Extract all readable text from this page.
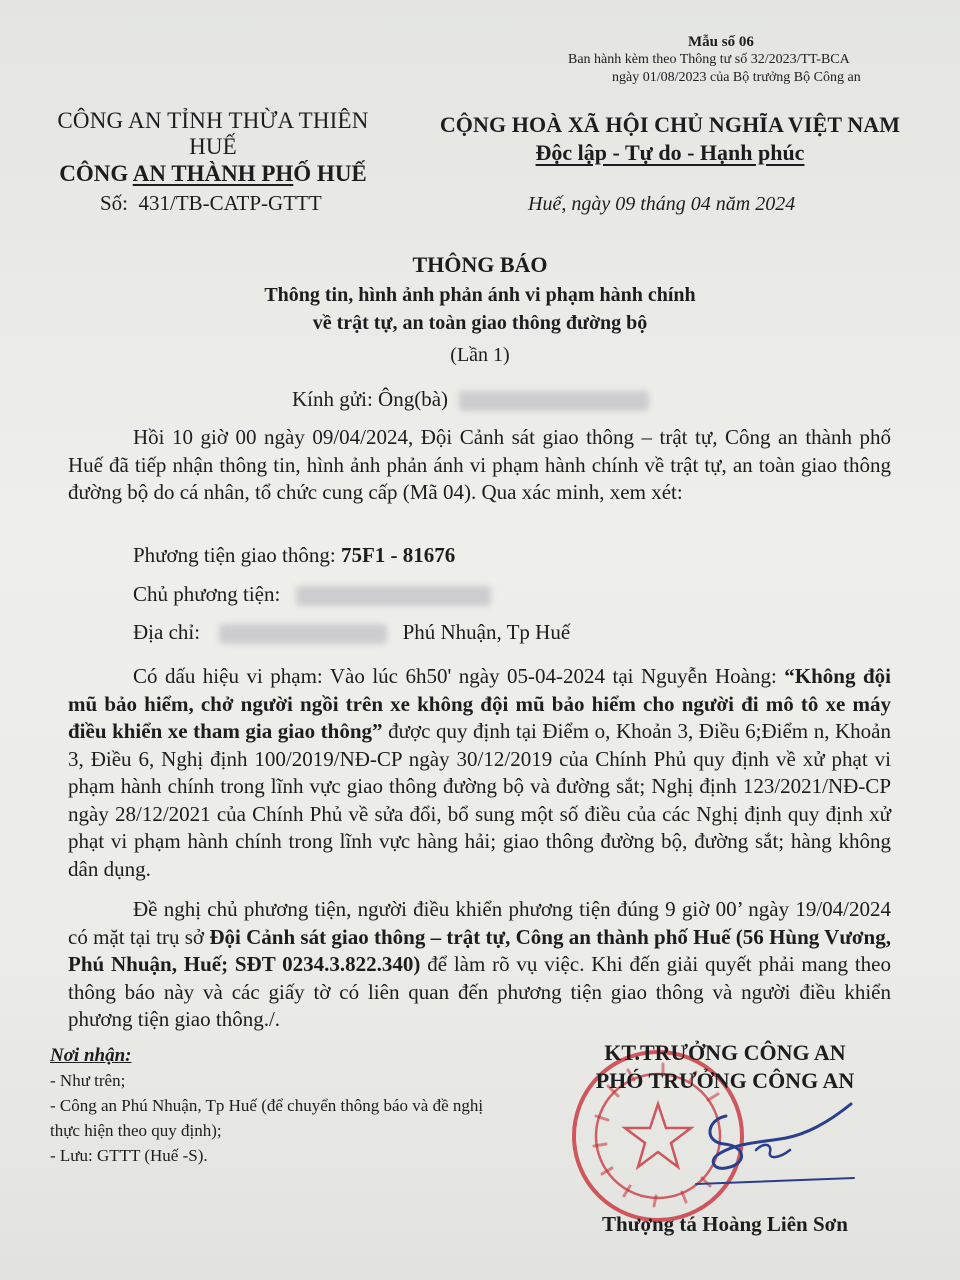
Mẫu số 06
Ban hành kèm theo Thông tư số 32/2023/TT-BCA
ngày 01/08/2023 của Bộ trưởng Bộ Công an
CÔNG AN TỈNH THỪA THIÊN HUẾ
CÔNG AN THÀNH PHỐ HUẾ
Số: 431/TB-CATP-GTTT
CỘNG HOÀ XÃ HỘI CHỦ NGHĨA VIỆT NAM
Độc lập - Tự do - Hạnh phúc
Huế, ngày 09 tháng 04 năm 2024
THÔNG BÁO
Thông tin, hình ảnh phản ánh vi phạm hành chính
về trật tự, an toàn giao thông đường bộ
(Lần 1)
Kính gửi: Ông(bà)
Hồi 10 giờ 00 ngày 09/04/2024, Đội Cảnh sát giao thông – trật tự, Công an thành phố Huế đã tiếp nhận thông tin, hình ảnh phản ánh vi phạm hành chính về trật tự, an toàn giao thông đường bộ do cá nhân, tổ chức cung cấp (Mã 04). Qua xác minh, xem xét:
Phương tiện giao thông: 75F1 - 81676
Chủ phương tiện:
Địa chỉ:	Phú Nhuận, Tp Huế
Có dấu hiệu vi phạm: Vào lúc 6h50' ngày 05-04-2024 tại Nguyễn Hoàng: “Không đội mũ bảo hiểm, chở người ngồi trên xe không đội mũ bảo hiểm cho người đi mô tô xe máy điều khiển xe tham gia giao thông” được quy định tại Điểm o, Khoản 3, Điều 6;Điểm n, Khoản 3, Điều 6, Nghị định 100/2019/NĐ-CP ngày 30/12/2019 của Chính Phủ quy định về xử phạt vi phạm hành chính trong lĩnh vực giao thông đường bộ và đường sắt; Nghị định 123/2021/NĐ-CP ngày 28/12/2021 của Chính Phủ về sửa đổi, bổ sung một số điều của các Nghị định quy định xử phạt vi phạm hành chính trong lĩnh vực hàng hải; giao thông đường bộ, đường sắt; hàng không dân dụng.
Đề nghị chủ phương tiện, người điều khiển phương tiện đúng 9 giờ 00’ ngày 19/04/2024 có mặt tại trụ sở Đội Cảnh sát giao thông – trật tự, Công an thành phố Huế (56 Hùng Vương, Phú Nhuận, Huế; SĐT 0234.3.822.340) để làm rõ vụ việc. Khi đến giải quyết phải mang theo thông báo này và các giấy tờ có liên quan đến phương tiện giao thông và người điều khiển phương tiện giao thông./.
Nơi nhận:
- Như trên;
- Công an Phú Nhuận, Tp Huế (để chuyển thông báo và đề nghị thực hiện theo quy định);
- Lưu: GTTT (Huế -S).
KT.TRƯỞNG CÔNG AN
PHÓ TRƯỞNG CÔNG AN
Thượng tá Hoàng Liên Sơn
